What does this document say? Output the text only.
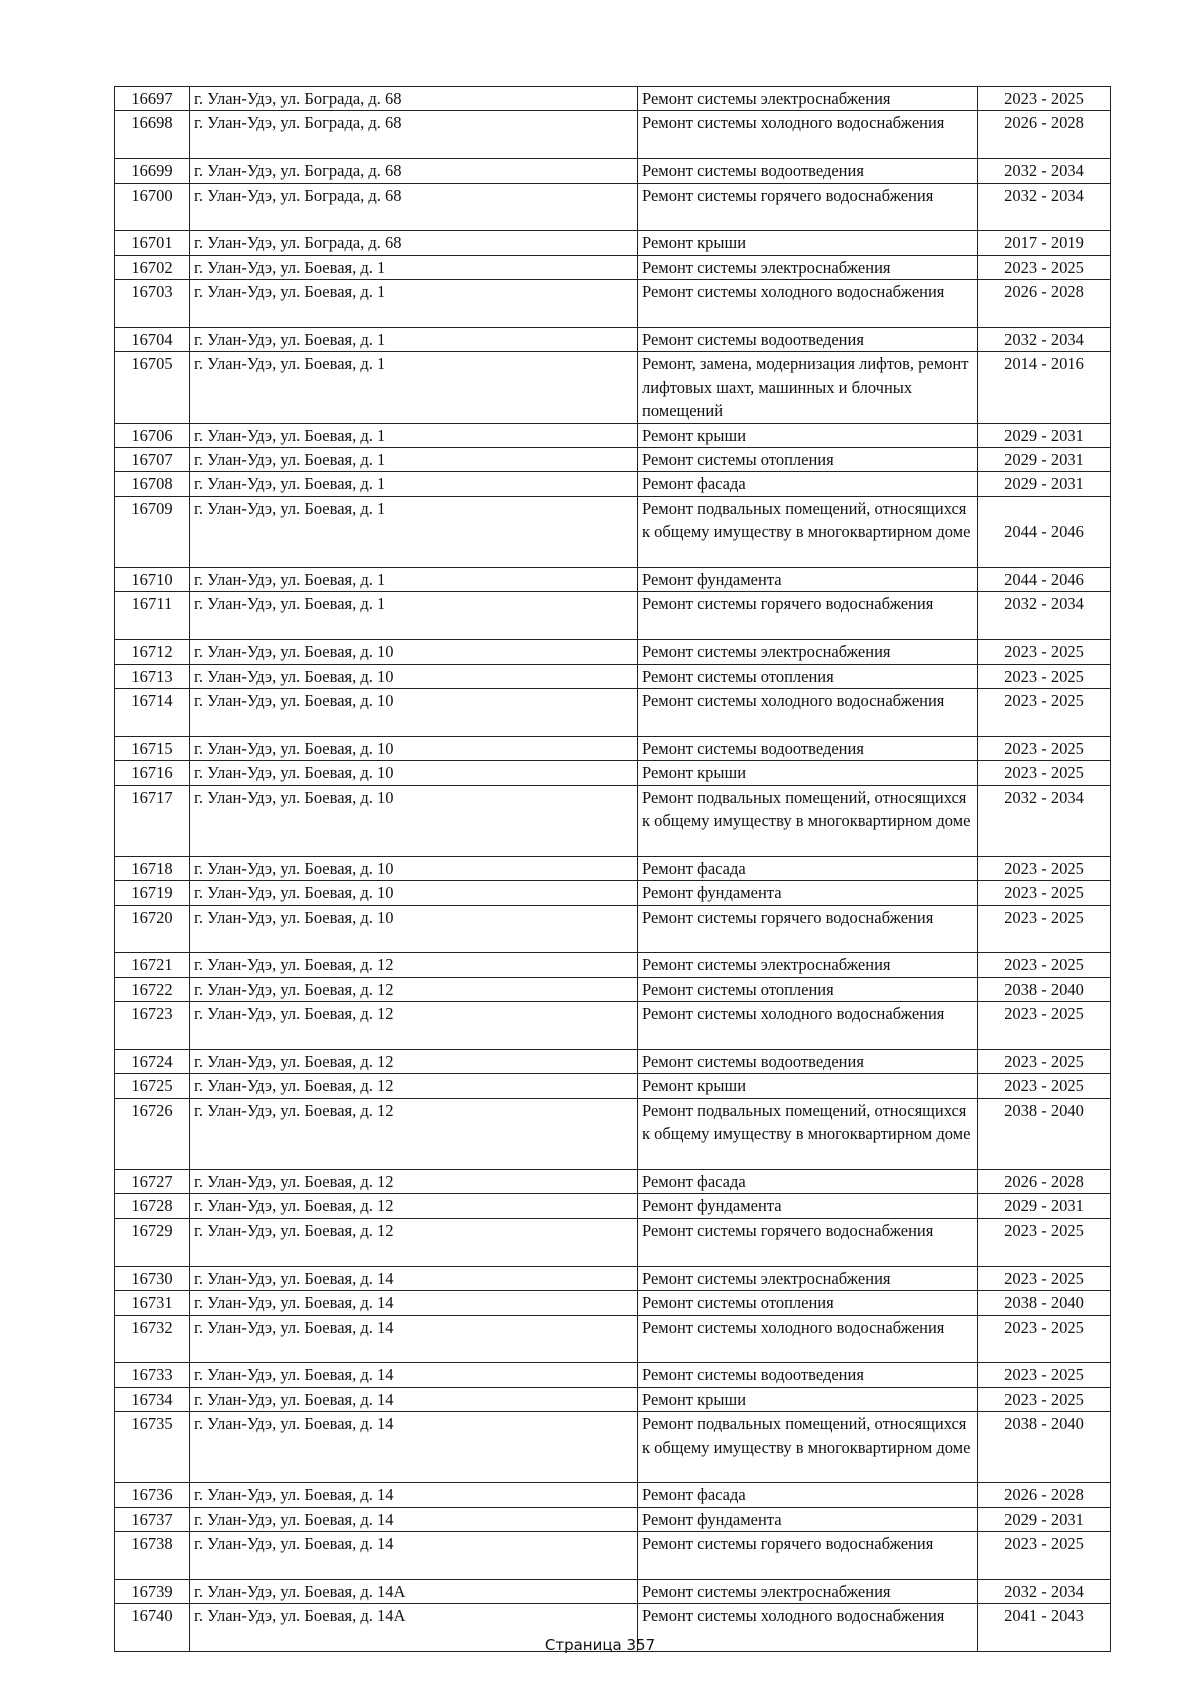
16697	г. Улан-Удэ, ул. Бограда, д. 68	Ремонт системы электроснабжения	2023 - 2025
16698	г. Улан-Удэ, ул. Бограда, д. 68	Ремонт системы холодного водоснабжения	2026 - 2028
16699	г. Улан-Удэ, ул. Бограда, д. 68	Ремонт системы водоотведения	2032 - 2034
16700	г. Улан-Удэ, ул. Бограда, д. 68	Ремонт системы горячего водоснабжения	2032 - 2034
16701	г. Улан-Удэ, ул. Бограда, д. 68	Ремонт крыши	2017 - 2019
16702	г. Улан-Удэ, ул. Боевая, д. 1	Ремонт системы электроснабжения	2023 - 2025
16703	г. Улан-Удэ, ул. Боевая, д. 1	Ремонт системы холодного водоснабжения	2026 - 2028
16704	г. Улан-Удэ, ул. Боевая, д. 1	Ремонт системы водоотведения	2032 - 2034
16705	г. Улан-Удэ, ул. Боевая, д. 1	Ремонт, замена, модернизация лифтов, ремонт лифтовых шахт, машинных и блочных помещений	2014 - 2016
16706	г. Улан-Удэ, ул. Боевая, д. 1	Ремонт крыши	2029 - 2031
16707	г. Улан-Удэ, ул. Боевая, д. 1	Ремонт системы отопления	2029 - 2031
16708	г. Улан-Удэ, ул. Боевая, д. 1	Ремонт фасада	2029 - 2031
16709	г. Улан-Удэ, ул. Боевая, д. 1	Ремонт подвальных помещений, относящихся к общему имуществу в многоквартирном доме	2044 - 2046
16710	г. Улан-Удэ, ул. Боевая, д. 1	Ремонт фундамента	2044 - 2046
16711	г. Улан-Удэ, ул. Боевая, д. 1	Ремонт системы горячего водоснабжения	2032 - 2034
16712	г. Улан-Удэ, ул. Боевая, д. 10	Ремонт системы электроснабжения	2023 - 2025
16713	г. Улан-Удэ, ул. Боевая, д. 10	Ремонт системы отопления	2023 - 2025
16714	г. Улан-Удэ, ул. Боевая, д. 10	Ремонт системы холодного водоснабжения	2023 - 2025
16715	г. Улан-Удэ, ул. Боевая, д. 10	Ремонт системы водоотведения	2023 - 2025
16716	г. Улан-Удэ, ул. Боевая, д. 10	Ремонт крыши	2023 - 2025
16717	г. Улан-Удэ, ул. Боевая, д. 10	Ремонт подвальных помещений, относящихся к общему имуществу в многоквартирном доме	2032 - 2034
16718	г. Улан-Удэ, ул. Боевая, д. 10	Ремонт фасада	2023 - 2025
16719	г. Улан-Удэ, ул. Боевая, д. 10	Ремонт фундамента	2023 - 2025
16720	г. Улан-Удэ, ул. Боевая, д. 10	Ремонт системы горячего водоснабжения	2023 - 2025
16721	г. Улан-Удэ, ул. Боевая, д. 12	Ремонт системы электроснабжения	2023 - 2025
16722	г. Улан-Удэ, ул. Боевая, д. 12	Ремонт системы отопления	2038 - 2040
16723	г. Улан-Удэ, ул. Боевая, д. 12	Ремонт системы холодного водоснабжения	2023 - 2025
16724	г. Улан-Удэ, ул. Боевая, д. 12	Ремонт системы водоотведения	2023 - 2025
16725	г. Улан-Удэ, ул. Боевая, д. 12	Ремонт крыши	2023 - 2025
16726	г. Улан-Удэ, ул. Боевая, д. 12	Ремонт подвальных помещений, относящихся к общему имуществу в многоквартирном доме	2038 - 2040
16727	г. Улан-Удэ, ул. Боевая, д. 12	Ремонт фасада	2026 - 2028
16728	г. Улан-Удэ, ул. Боевая, д. 12	Ремонт фундамента	2029 - 2031
16729	г. Улан-Удэ, ул. Боевая, д. 12	Ремонт системы горячего водоснабжения	2023 - 2025
16730	г. Улан-Удэ, ул. Боевая, д. 14	Ремонт системы электроснабжения	2023 - 2025
16731	г. Улан-Удэ, ул. Боевая, д. 14	Ремонт системы отопления	2038 - 2040
16732	г. Улан-Удэ, ул. Боевая, д. 14	Ремонт системы холодного водоснабжения	2023 - 2025
16733	г. Улан-Удэ, ул. Боевая, д. 14	Ремонт системы водоотведения	2023 - 2025
16734	г. Улан-Удэ, ул. Боевая, д. 14	Ремонт крыши	2023 - 2025
16735	г. Улан-Удэ, ул. Боевая, д. 14	Ремонт подвальных помещений, относящихся к общему имуществу в многоквартирном доме	2038 - 2040
16736	г. Улан-Удэ, ул. Боевая, д. 14	Ремонт фасада	2026 - 2028
16737	г. Улан-Удэ, ул. Боевая, д. 14	Ремонт фундамента	2029 - 2031
16738	г. Улан-Удэ, ул. Боевая, д. 14	Ремонт системы горячего водоснабжения	2023 - 2025
16739	г. Улан-Удэ, ул. Боевая, д. 14А	Ремонт системы электроснабжения	2032 - 2034
16740	г. Улан-Удэ, ул. Боевая, д. 14А	Ремонт системы холодного водоснабжения	2041 - 2043
Страница 357
